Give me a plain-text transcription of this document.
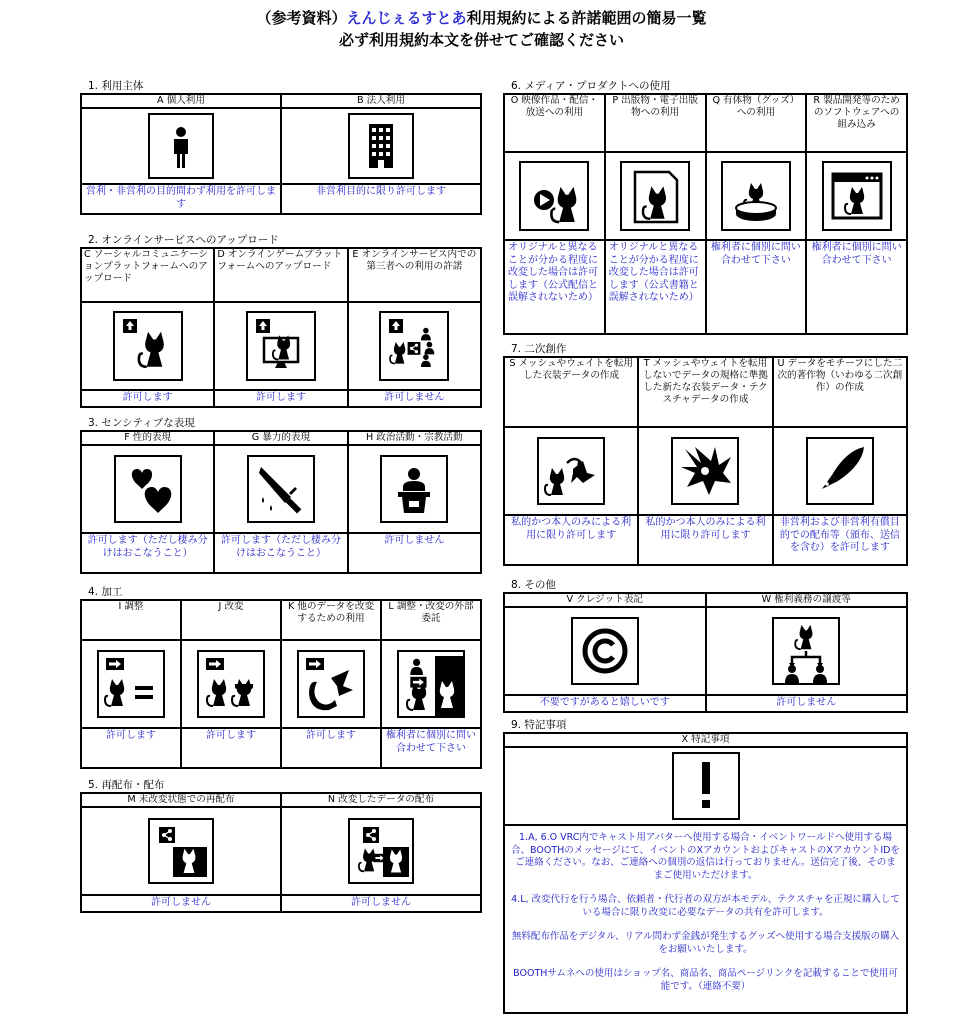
（参考資料）えんじぇるすとあ利用規約による許諾範囲の簡易一覧
必ず利用規約本文を併せてご確認ください
1. 利用主体
A 個人利用	B 法人利用

営利・非営利の目的問わず利用を許可します	非営利目的に限り許可します
2. オンラインサービスへのアップロード
C ソーシャルコミュニケーションプラットフォームへのアップロード	D オンラインゲームプラットフォームへのアップロード	E オンラインサービス内での第三者への利用の許諾

許可します	許可します	許可しません
3. センシティブな表現
F 性的表現	G 暴力的表現	H 政治活動・宗教活動

許可します（ただし棲み分けはおこなうこと）	許可します（ただし棲み分けはおこなうこと）	許可しません
4. 加工
I 調整	J 改変	K 他のデータを改変するための利用	L 調整・改変の外部委託

許可します	許可します	許可します	権利者に個別に問い合わせて下さい
5. 再配布・配布
M 未改変状態での再配布	N 改変したデータの配布

許可しません	許可しません
6. メディア・プロダクトへの使用
O 映像作品・配信・放送への利用	P 出版物・電子出版物への利用	Q 有体物（グッズ）への利用	R 製品開発等のためのソフトウェアへの組み込み

オリジナルと異なることが分かる程度に改変した場合は許可します（公式配信と誤解されないため）	オリジナルと異なることが分かる程度に改変した場合は許可します（公式書籍と誤解されないため）	権利者に個別に問い合わせて下さい	権利者に個別に問い合わせて下さい
7. 二次創作
S メッシュやウェイトを転用した衣装データの作成	T メッシュやウェイトを転用しないでデータの規格に準拠した新たな衣装データ・テクスチャデータの作成	U データをモチーフにした二次的著作物（いわゆる二次創作）の作成

私的かつ本人のみによる利用に限り許可します	私的かつ本人のみによる利用に限り許可します	非営利および非営利有償目的での配布等（頒布、送信を含む）を許可します
8. その他
V クレジット表記	W 権利義務の譲渡等

不要ですがあると嬉しいです	許可しません
9. 特記事項
X 特記事項

1.A, 6.O VRC内でキャスト用アバターへ使用する場合・イベントワールドへ使用する場合、BOOTHのメッセージにて、イベントのXアカウントおよびキャストのXアカウントIDをご連絡ください。なお、ご連絡への個別の返信は行っておりません。送信完了後、そのままご使用いただけます。

4.L, 改変代行を行う場合、依頼者・代行者の双方が本モデル、テクスチャを正規に購入している場合に限り改変に必要なデータの共有を許可します。

無料配布作品をデジタル、リアル問わず金銭が発生するグッズへ使用する場合支援版の購入をお願いいたします。

BOOTHサムネへの使用はショップ名、商品名、商品ページリンクを記載することで使用可能です。（連絡不要）
